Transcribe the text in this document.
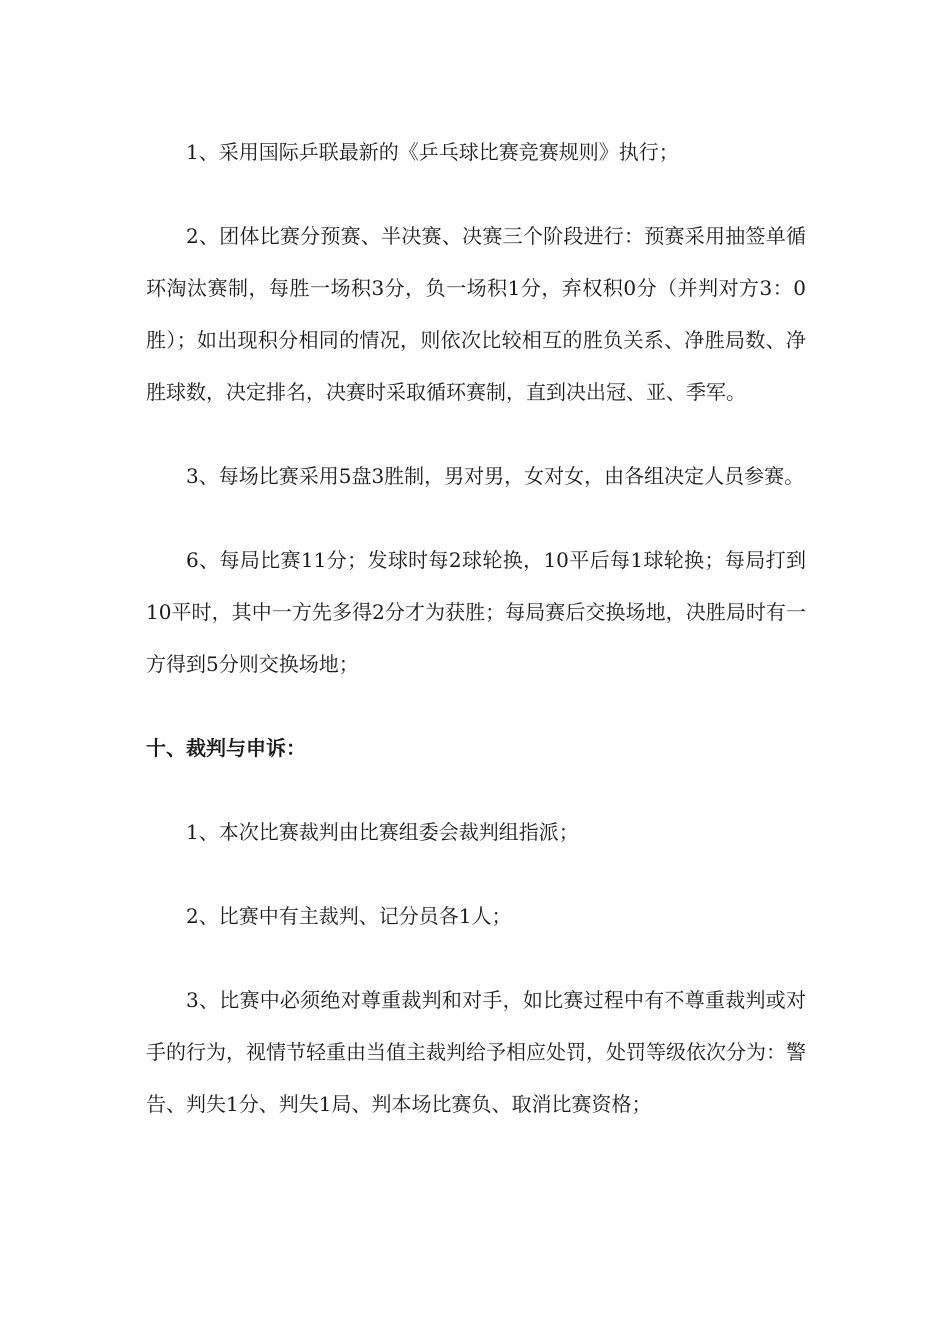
1、采用国际乒联最新的《乒乓球比赛竞赛规则》执行；

2、团体比赛分预赛、半决赛、决赛三个阶段进行：预赛采用抽签单循环淘汰赛制，每胜一场积3分，负一场积1分，弃权积0分（并判对方3：0胜）；如出现积分相同的情况，则依次比较相互的胜负关系、净胜局数、净胜球数，决定排名，决赛时采取循环赛制，直到决出冠、亚、季军。

3、每场比赛采用5盘3胜制，男对男，女对女，由各组决定人员参赛。

6、每局比赛11分；发球时每2球轮换，10平后每1球轮换；每局打到10平时，其中一方先多得2分才为获胜；每局赛后交换场地，决胜局时有一方得到5分则交换场地；

十、裁判与申诉：

1、本次比赛裁判由比赛组委会裁判组指派；

2、比赛中有主裁判、记分员各1人；

3、比赛中必须绝对尊重裁判和对手，如比赛过程中有不尊重裁判或对手的行为，视情节轻重由当值主裁判给予相应处罚，处罚等级依次分为：警告、判失1分、判失1局、判本场比赛负、取消比赛资格；
